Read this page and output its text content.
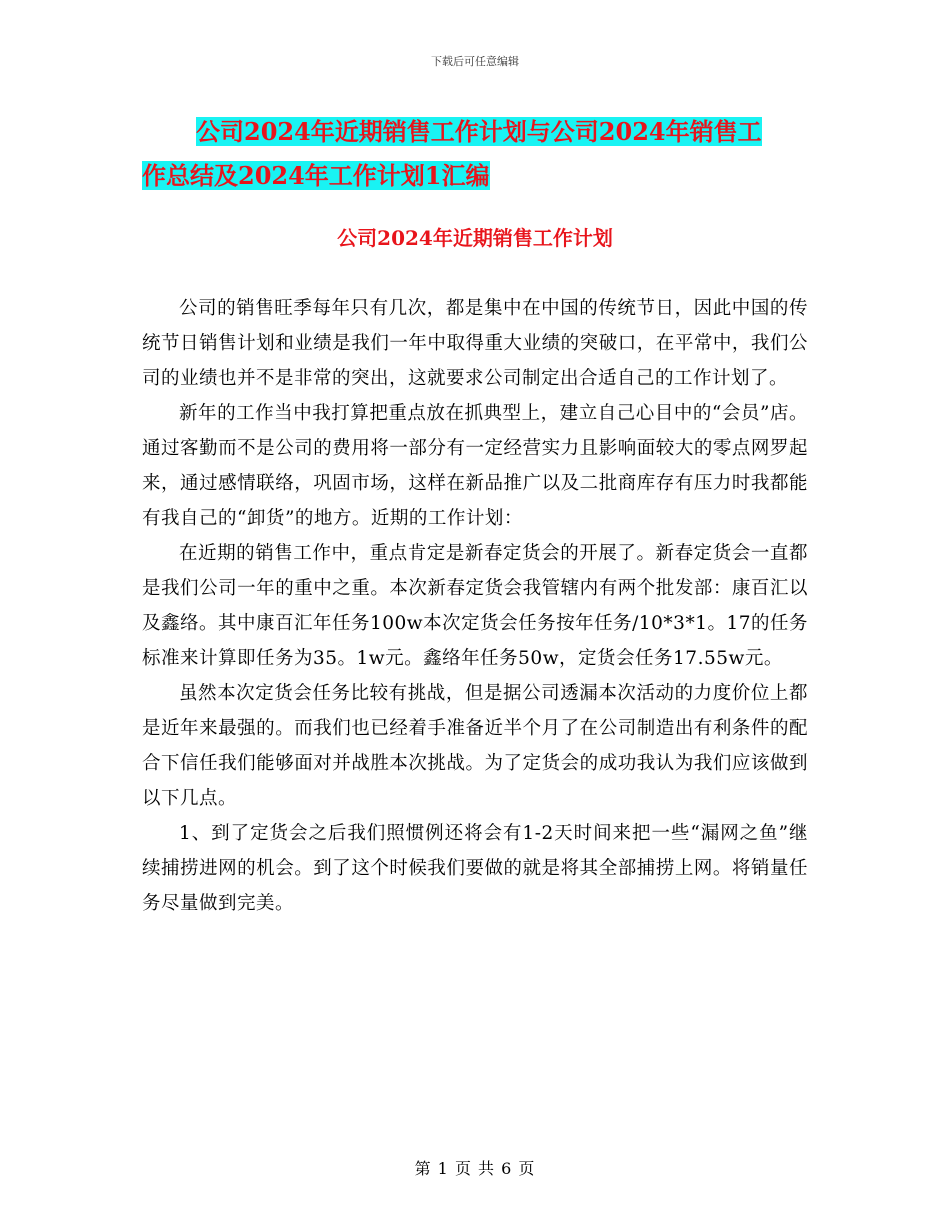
下载后可任意编辑
公司2024年近期销售工作计划与公司2024年销售工
作总结及2024年工作计划1汇编
公司2024年近期销售工作计划

公司的销售旺季每年只有几次，都是集中在中国的传统节日，因此中国的传统节日销售计划和业绩是我们一年中取得重大业绩的突破口，在平常中，我们公司的业绩也并不是非常的突出，这就要求公司制定出合适自己的工作计划了。

新年的工作当中我打算把重点放在抓典型上，建立自己心目中的“会员”店。通过客勤而不是公司的费用将一部分有一定经营实力且影响面较大的零点网罗起来，通过感情联络，巩固市场，这样在新品推广以及二批商库存有压力时我都能有我自己的“卸货”的地方。近期的工作计划：

在近期的销售工作中，重点肯定是新春定货会的开展了。新春定货会一直都是我们公司一年的重中之重。本次新春定货会我管辖内有两个批发部：康百汇以及鑫络。其中康百汇年任务100w本次定货会任务按年任务/10*3*1。17的任务标准来计算即任务为35。1w元。鑫络年任务50w，定货会任务17.55w元。

虽然本次定货会任务比较有挑战，但是据公司透漏本次活动的力度价位上都是近年来最强的。而我们也已经着手准备近半个月了在公司制造出有利条件的配合下信任我们能够面对并战胜本次挑战。为了定货会的成功我认为我们应该做到以下几点。

1、到了定货会之后我们照惯例还将会有1-2天时间来把一些“漏网之鱼”继续捕捞进网的机会。到了这个时候我们要做的就是将其全部捕捞上网。将销量任务尽量做到完美。

第 1 页 共 6 页
